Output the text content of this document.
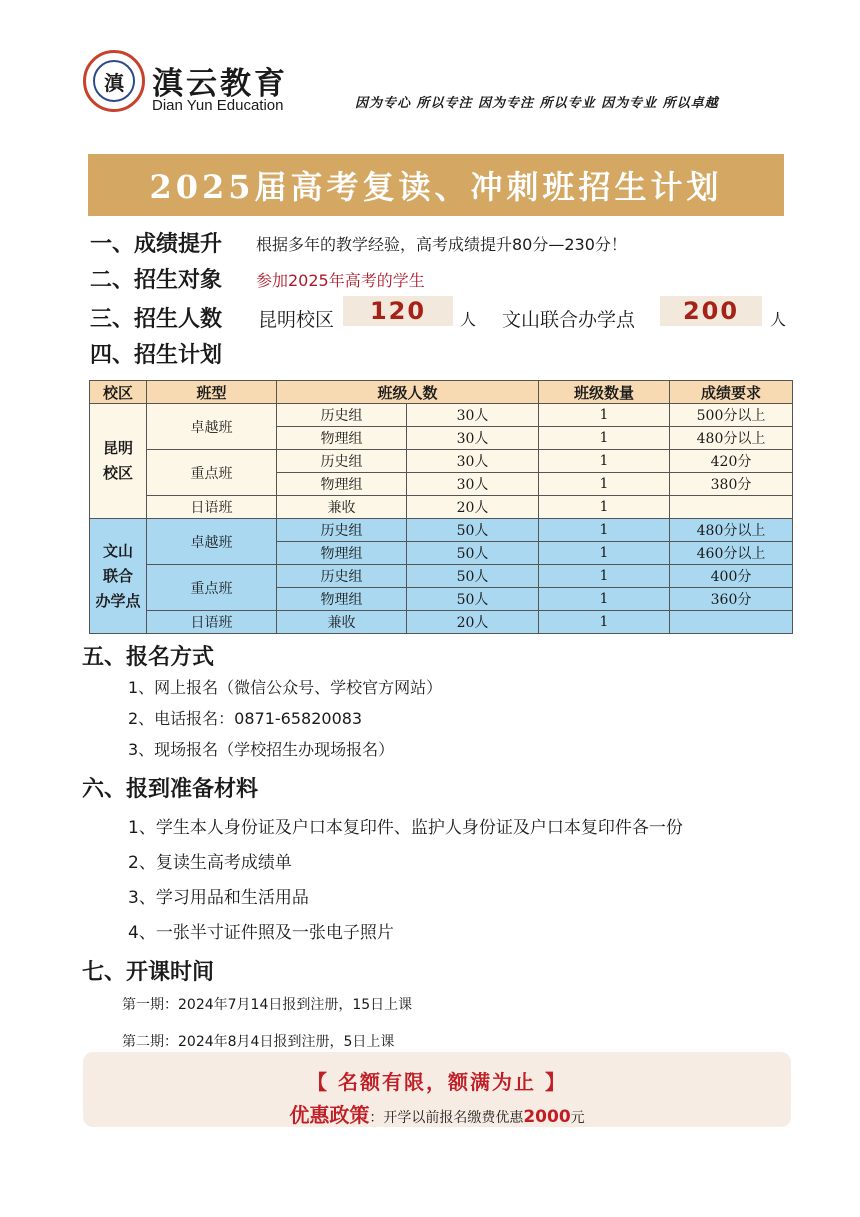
滇 滇云教育
Dian Yun Education	因为专心 所以专注 因为专注 所以专业 因为专业 所以卓越
2025届高考复读、冲刺班招生计划
一、成绩提升 根据多年的教学经验，高考成绩提升80分—230分！
二、招生对象 参加2025年高考的学生
三、招生人数 昆明校区	120	人 文山联合办学点	200	人
四、招生计划
校区	班型	班级人数		班级数量	成绩要求

昆明
校区	卓越班	历史组	30人	1	500分以上
		物理组	30人	1	480分以上
	重点班	历史组	30人	1	420分
		物理组	30人	1	380分
	日语班	兼收	20人	1	

文山
联合
办学点	卓越班	历史组	50人	1	480分以上
		物理组	50人	1	460分以上
	重点班	历史组	50人	1	400分
		物理组	50人	1	360分
	日语班	兼收	20人	1	
五、报名方式
1、网上报名（微信公众号、学校官方网站）
2、电话报名：0871-65820083
3、现场报名（学校招生办现场报名）
六、报到准备材料
1、学生本人身份证及户口本复印件、监护人身份证及户口本复印件各一份
2、复读生高考成绩单
3、学习用品和生活用品
4、一张半寸证件照及一张电子照片
七、开课时间
第一期：2024年7月14日报到注册，15日上课
第二期：2024年8月4日报到注册，5日上课
【 名额有限，额满为止 】
优惠政策：开学以前报名缴费优惠2000元
